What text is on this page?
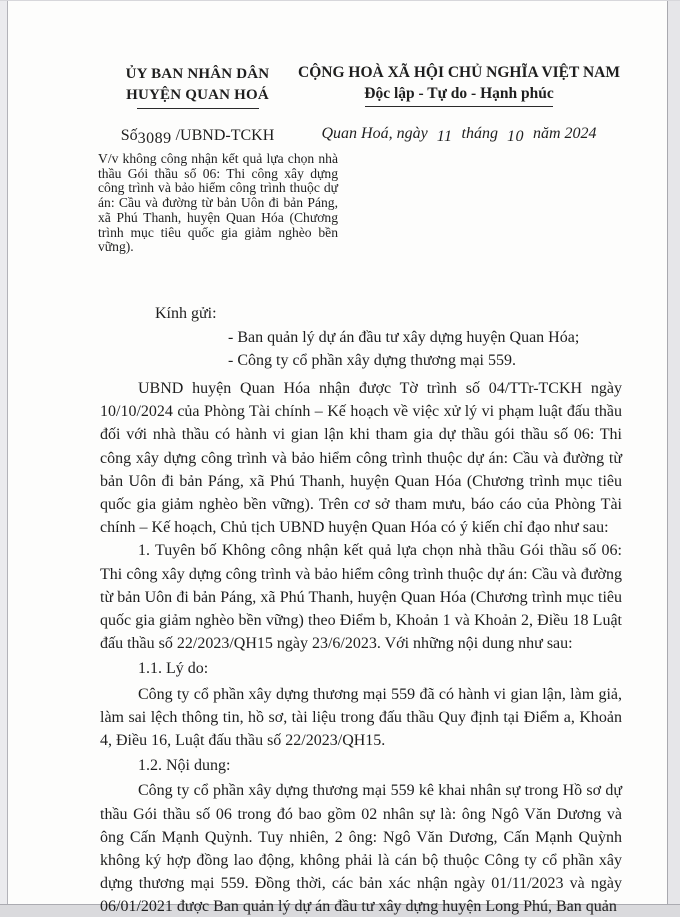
ỦY BAN NHÂN DÂN
HUYỆN QUAN HOÁ
CỘNG HOÀ XÃ HỘI CHỦ NGHĨA VIỆT NAM
Độc lập - Tự do - Hạnh phúc
Số3089 /UBND-TCKH	Quan Hoá, ngày 11 tháng 10 năm 2024
V/v không công nhận kết quả lựa chọn nhà thầu Gói thầu số 06: Thi công xây dựng công trình và bảo hiểm công trình thuộc dự án: Cầu và đường từ bản Uôn đi bản Páng, xã Phú Thanh, huyện Quan Hóa (Chương trình mục tiêu quốc gia giảm nghèo bền vững).
Kính gửi:
- Ban quản lý dự án đầu tư xây dựng huyện Quan Hóa;
- Công ty cổ phần xây dựng thương mại 559.

UBND huyện Quan Hóa nhận được Tờ trình số 04/TTr-TCKH ngày 10/10/2024 của Phòng Tài chính – Kế hoạch về việc xử lý vi phạm luật đấu thầu đối với nhà thầu có hành vi gian lận khi tham gia dự thầu gói thầu số 06: Thi công xây dựng công trình và bảo hiểm công trình thuộc dự án: Cầu và đường từ bản Uôn đi bản Páng, xã Phú Thanh, huyện Quan Hóa (Chương trình mục tiêu quốc gia giảm nghèo bền vững). Trên cơ sở tham mưu, báo cáo của Phòng Tài chính – Kế hoạch, Chủ tịch UBND huyện Quan Hóa có ý kiến chỉ đạo như sau:

1. Tuyên bố Không công nhận kết quả lựa chọn nhà thầu Gói thầu số 06: Thi công xây dựng công trình và bảo hiểm công trình thuộc dự án: Cầu và đường từ bản Uôn đi bản Páng, xã Phú Thanh, huyện Quan Hóa (Chương trình mục tiêu quốc gia giảm nghèo bền vững) theo Điểm b, Khoản 1 và Khoản 2, Điều 18 Luật đấu thầu số 22/2023/QH15 ngày 23/6/2023. Với những nội dung như sau:

1.1. Lý do:

Công ty cổ phần xây dựng thương mại 559 đã có hành vi gian lận, làm giả, làm sai lệch thông tin, hồ sơ, tài liệu trong đấu thầu Quy định tại Điểm a, Khoản 4, Điều 16, Luật đấu thầu số 22/2023/QH15.

1.2. Nội dung:

Công ty cổ phần xây dựng thương mại 559 kê khai nhân sự trong Hồ sơ dự thầu Gói thầu số 06 trong đó bao gồm 02 nhân sự là: ông Ngô Văn Dương và ông Cấn Mạnh Quỳnh. Tuy nhiên, 2 ông: Ngô Văn Dương, Cấn Mạnh Quỳnh không ký hợp đồng lao động, không phải là cán bộ thuộc Công ty cổ phần xây dựng thương mại 559. Đồng thời, các bản xác nhận ngày 01/11/2023 và ngày 06/01/2021 được Ban quản lý dự án đầu tư xây dựng huyện Long Phú, Ban quản
